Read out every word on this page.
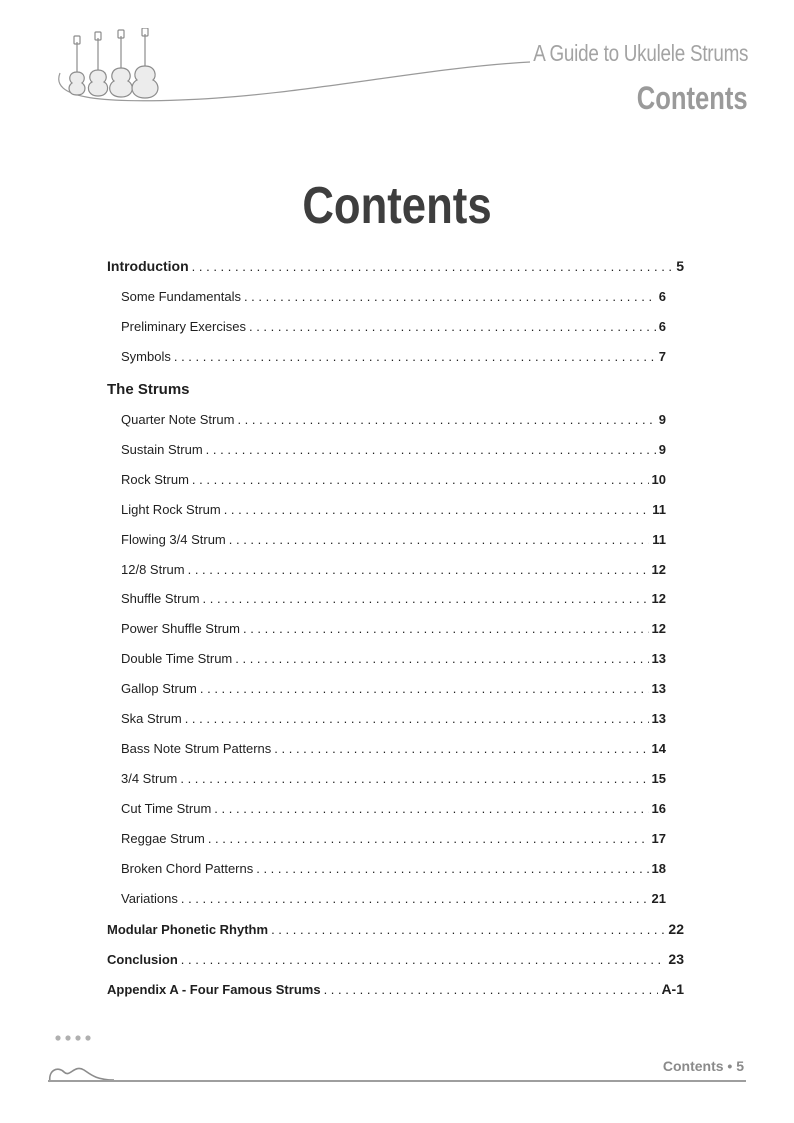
A Guide to Ukulele Strums
Contents
Contents
Introduction . . .	5
Some Fundamentals . . .	6
Preliminary Exercises . . .	6
Symbols . . .	7
The Strums
Quarter Note Strum . . .	9
Sustain Strum . . .	9
Rock Strum . . .	10
Light Rock Strum . . .	11
Flowing 3/4 Strum . . .	11
12/8 Strum . . .	12
Shuffle Strum . . .	12
Power Shuffle Strum . . .	12
Double Time Strum . . .	13
Gallop Strum . . .	13
Ska Strum . . .	13
Bass Note Strum Patterns . . .	14
3/4 Strum . . .	15
Cut Time Strum . . .	16
Reggae Strum . . .	17
Broken Chord Patterns . . .	18
Variations . . .	21
Modular Phonetic Rhythm . . .	22
Conclusion . . .	23
Appendix A - Four Famous Strums . . .	A-1
Contents • 5
